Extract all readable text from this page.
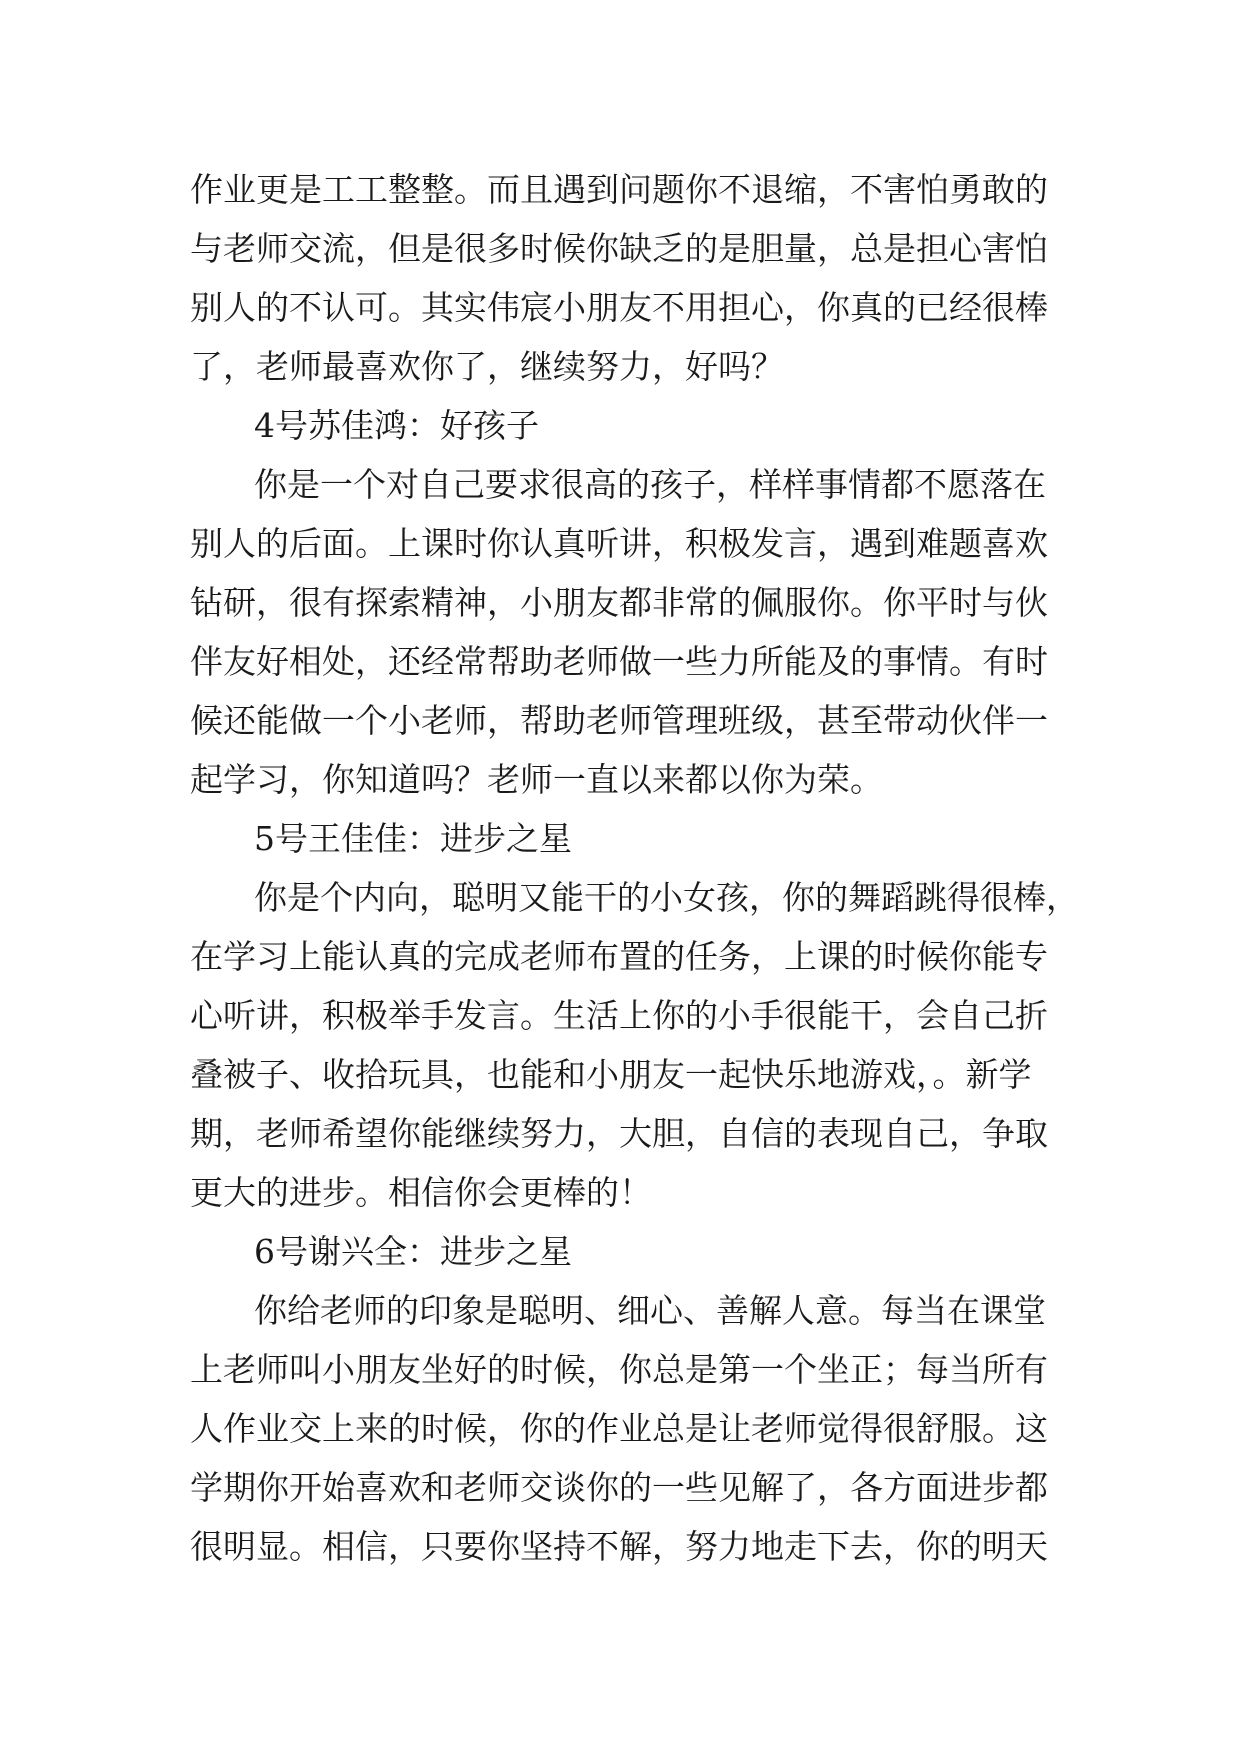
作业更是工工整整。而且遇到问题你不退缩，不害怕勇敢的
与老师交流，但是很多时候你缺乏的是胆量，总是担心害怕
别人的不认可。其实伟宸小朋友不用担心，你真的已经很棒
了，老师最喜欢你了，继续努力，好吗？
4号苏佳鸿：好孩子
你是一个对自己要求很高的孩子，样样事情都不愿落在
别人的后面。上课时你认真听讲，积极发言，遇到难题喜欢
钻研，很有探索精神，小朋友都非常的佩服你。你平时与伙
伴友好相处，还经常帮助老师做一些力所能及的事情。有时
候还能做一个小老师，帮助老师管理班级，甚至带动伙伴一
起学习，你知道吗？老师一直以来都以你为荣。
5号王佳佳：进步之星
你是个内向，聪明又能干的小女孩，你的舞蹈跳得很棒，
在学习上能认真的完成老师布置的任务，上课的时候你能专
心听讲，积极举手发言。生活上你的小手很能干，会自己折
叠被子、收拾玩具，也能和小朋友一起快乐地游戏，。新学
期，老师希望你能继续努力，大胆，自信的表现自己，争取
更大的进步。相信你会更棒的！
6号谢兴全：进步之星
你给老师的印象是聪明、细心、善解人意。每当在课堂
上老师叫小朋友坐好的时候，你总是第一个坐正；每当所有
人作业交上来的时候，你的作业总是让老师觉得很舒服。这
学期你开始喜欢和老师交谈你的一些见解了，各方面进步都
很明显。相信，只要你坚持不解，努力地走下去，你的明天
